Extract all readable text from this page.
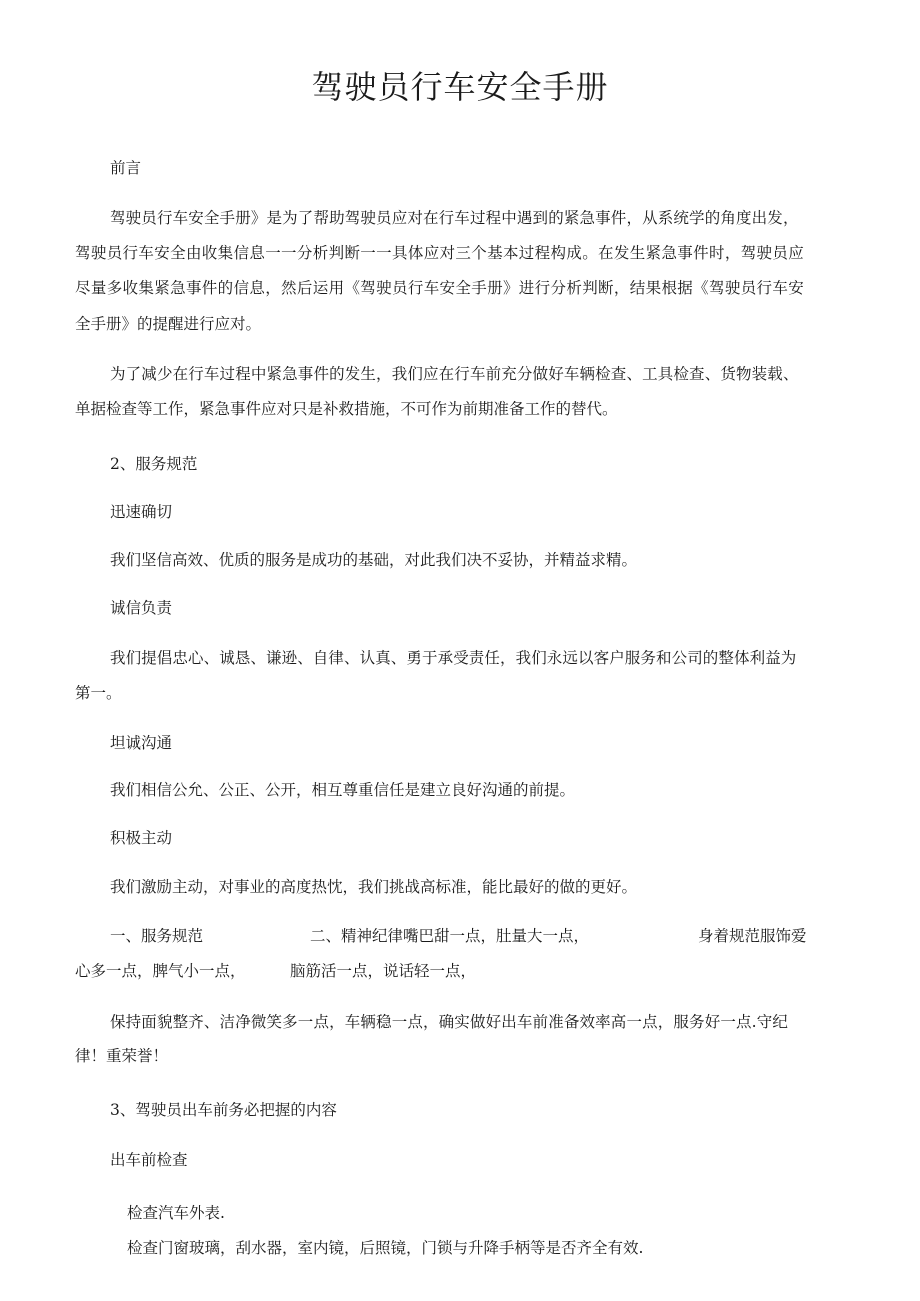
驾驶员行车安全手册

前言

驾驶员行车安全手册》是为了帮助驾驶员应对在行车过程中遇到的紧急事件，从系统学的角度出发，

驾驶员行车安全由收集信息一一分析判断一一具体应对三个基本过程构成。在发生紧急事件时，驾驶员应

尽量多收集紧急事件的信息，然后运用《驾驶员行车安全手册》进行分析判断，结果根据《驾驶员行车安

全手册》的提醒进行应对。

为了减少在行车过程中紧急事件的发生，我们应在行车前充分做好车辆检查、工具检查、货物装载、

单据检查等工作，紧急事件应对只是补救措施，不可作为前期准备工作的替代。

2、服务规范

迅速确切

我们坚信高效、优质的服务是成功的基础，对此我们决不妥协，并精益求精。

诚信负责

我们提倡忠心、诚恳、谦逊、自律、认真、勇于承受责任，我们永远以客户服务和公司的整体利益为

第一。

坦诚沟通

我们相信公允、公正、公开，相互尊重信任是建立良好沟通的前提。

积极主动

我们激励主动，对事业的高度热忱，我们挑战高标准，能比最好的做的更好。

一、服务规范	二、精神纪律嘴巴甜一点，肚量大一点，	身着规范服饰爱

心多一点，脾气小一点，	脑筋活一点，说话轻一点，

保持面貌整齐、洁净微笑多一点，车辆稳一点，确实做好出车前准备效率高一点，服务好一点.守纪

律！重荣誉！

3、驾驶员出车前务必把握的内容

出车前检查

检查汽车外表.

检查门窗玻璃，刮水器，室内镜，后照镜，门锁与升降手柄等是否齐全有效.
